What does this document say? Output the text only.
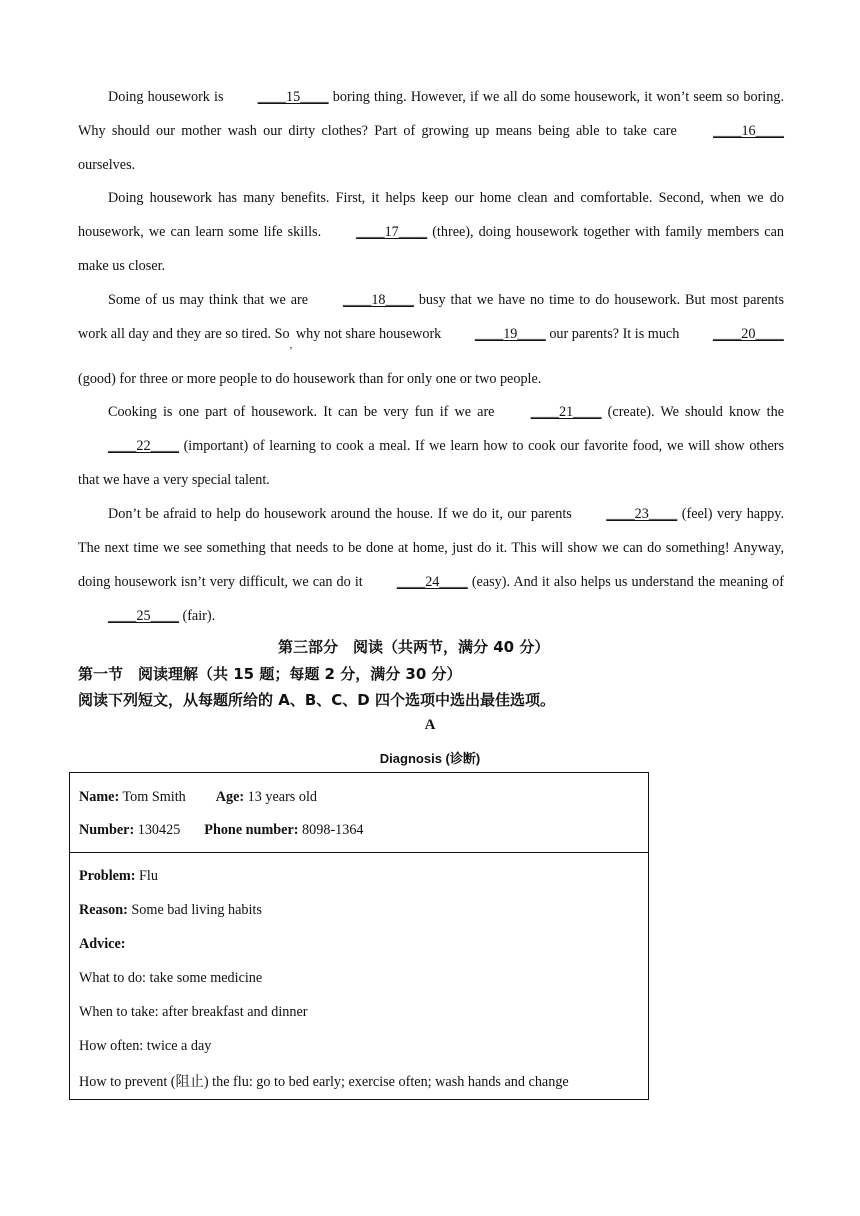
Doing housework is ____15____ boring thing. However, if we all do some housework, it won’t seem so boring. Why should our mother wash our dirty clothes? Part of growing up means being able to take care ____16____ ourselves.

Doing housework has many benefits. First, it helps keep our home clean and comfortable. Second, when we do housework, we can learn some life skills. ____17____ (three), doing housework together with family members can make us closer.

Some of us may think that we are ____18____ busy that we have no time to do housework. But most parents work all day and they are so tired. $So_,$ why not share housework ____19____ our parents? It is much ____20____

(good) for three or more people to do housework than for only one or two people.

Cooking is one part of housework. It can be very fun if we are ____21____ (create). We should know the ____22____ (important) of learning to cook a meal. If we learn how to cook our favorite food, we will show others that we have a very special talent.

Don’t be afraid to help do housework around the house. If we do it, our parents ____23____ (feel) very happy. The next time we see something that needs to be done at home, just do it. This will show we can do something! Anyway, doing housework isn’t very difficult, we can do it ____24____ (easy). And it also helps us understand the meaning of ____25____ (fair).

第三部分　阅读（共两节，满分 40 分）

第一节　阅读理解（共 15 题；每题 2 分，满分 30 分）

阅读下列短文，从每题所给的 A、B、C、D 四个选项中选出最佳选项。

A

Diagnosis (诊断)

Name: Tom Smith Age: 13 years old
Number: 130425 Phone number: 8098-1364
Problem: Flu
Reason: Some bad living habits
Advice:
What to do: take some medicine
When to take: after breakfast and dinner
How often: twice a day
How to prevent (阻止) the flu: go to bed early; exercise often; wash hands and change
